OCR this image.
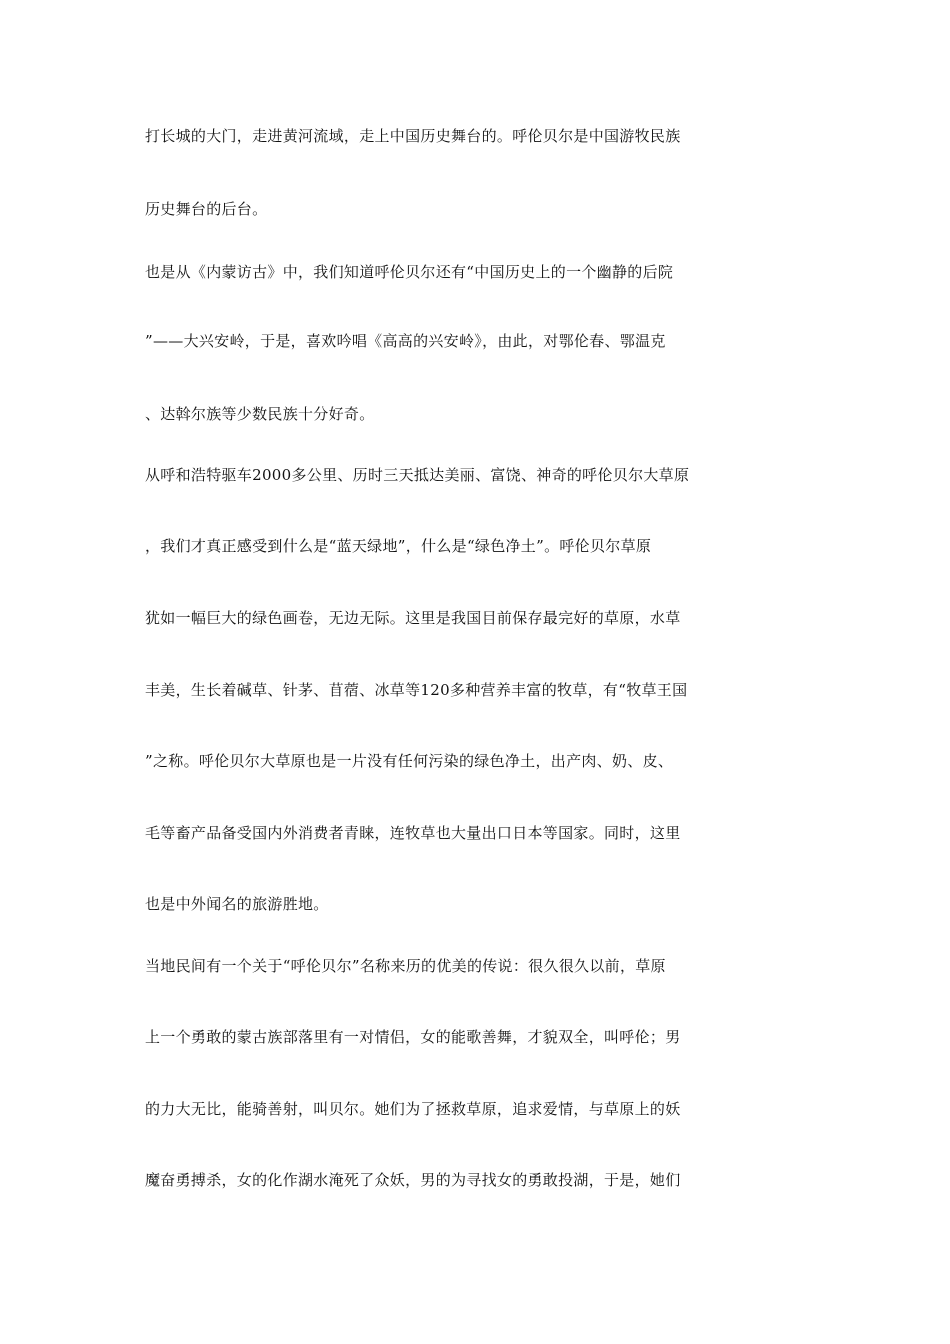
打长城的大门，走进黄河流域，走上中国历史舞台的。呼伦贝尔是中国游牧民族
历史舞台的后台。
也是从《内蒙访古》中，我们知道呼伦贝尔还有“中国历史上的一个幽静的后院
”——大兴安岭，于是，喜欢吟唱《高高的兴安岭》，由此，对鄂伦春、鄂温克
、达斡尔族等少数民族十分好奇。
从呼和浩特驱车2000多公里、历时三天抵达美丽、富饶、神奇的呼伦贝尔大草原
，我们才真正感受到什么是“蓝天绿地”，什么是“绿色净土”。呼伦贝尔草原
犹如一幅巨大的绿色画卷，无边无际。这里是我国目前保存最完好的草原，水草
丰美，生长着碱草、针茅、苜蓿、冰草等120多种营养丰富的牧草，有“牧草王国
”之称。呼伦贝尔大草原也是一片没有任何污染的绿色净土，出产肉、奶、皮、
毛等畜产品备受国内外消费者青睐，连牧草也大量出口日本等国家。同时，这里
也是中外闻名的旅游胜地。
当地民间有一个关于“呼伦贝尔”名称来历的优美的传说：很久很久以前，草原
上一个勇敢的蒙古族部落里有一对情侣，女的能歌善舞，才貌双全，叫呼伦；男
的力大无比，能骑善射，叫贝尔。她们为了拯救草原，追求爱情，与草原上的妖
魔奋勇搏杀，女的化作湖水淹死了众妖，男的为寻找女的勇敢投湖，于是，她们
